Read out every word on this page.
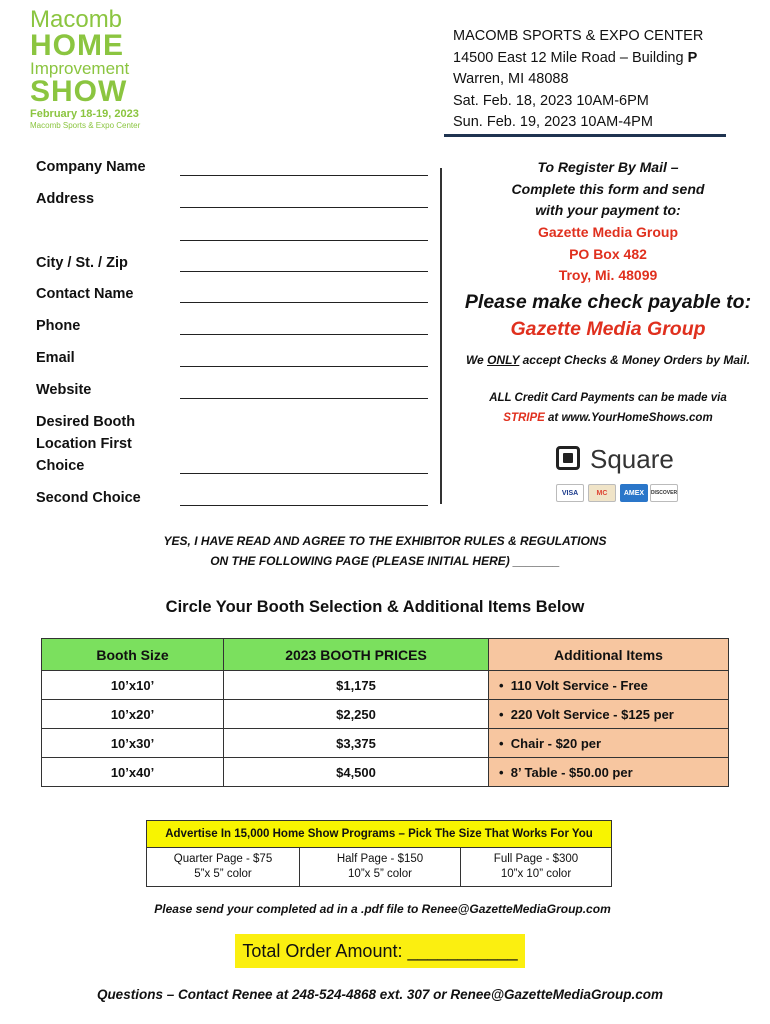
Macomb
HOME
Improvement
SHOW
February 18-19, 2023
Macomb Sports & Expo Center
MACOMB SPORTS & EXPO CENTER
14500 East 12 Mile Road – Building P
Warren, MI 48088
Sat. Feb. 18, 2023 10AM-6PM
Sun. Feb. 19, 2023 10AM-4PM
Company Name
Address
City / St. / Zip
Contact Name
Phone
Email
Website
Desired Booth
Location First
Choice
Second Choice
To Register By Mail –
Complete this form and send
with your payment to:
Gazette Media Group
PO Box 482
Troy, Mi. 48099
Please make check payable to:
Gazette Media Group
We ONLY accept Checks & Money Orders by Mail.
ALL Credit Card Payments can be made via
STRIPE at www.YourHomeShows.com
Square
VISA	MC	AMEX	DISCOVER
YES, I HAVE READ AND AGREE TO THE EXHIBITOR RULES & REGULATIONS
ON THE FOLLOWING PAGE (PLEASE INITIAL HERE) _______
Circle Your Booth Selection & Additional Items Below
Booth Size	2023 BOOTH PRICES	Additional Items
10’x10’	$1,175	•  110 Volt Service - Free
10’x20’	$2,250	•  220 Volt Service - $125 per
10’x30’	$3,375	•  Chair - $20 per
10’x40’	$4,500	•  8’ Table - $50.00 per
Advertise In 15,000 Home Show Programs – Pick The Size That Works For You

Quarter Page - $75
5”x 5” color

Half Page - $150
10”x 5” color

Full Page - $300
10”x 10” color
Please send your completed ad in a .pdf file to Renee@GazetteMediaGroup.com
Total Order Amount: ___________
Questions – Contact Renee at 248-524-4868 ext. 307 or Renee@GazetteMediaGroup.com
